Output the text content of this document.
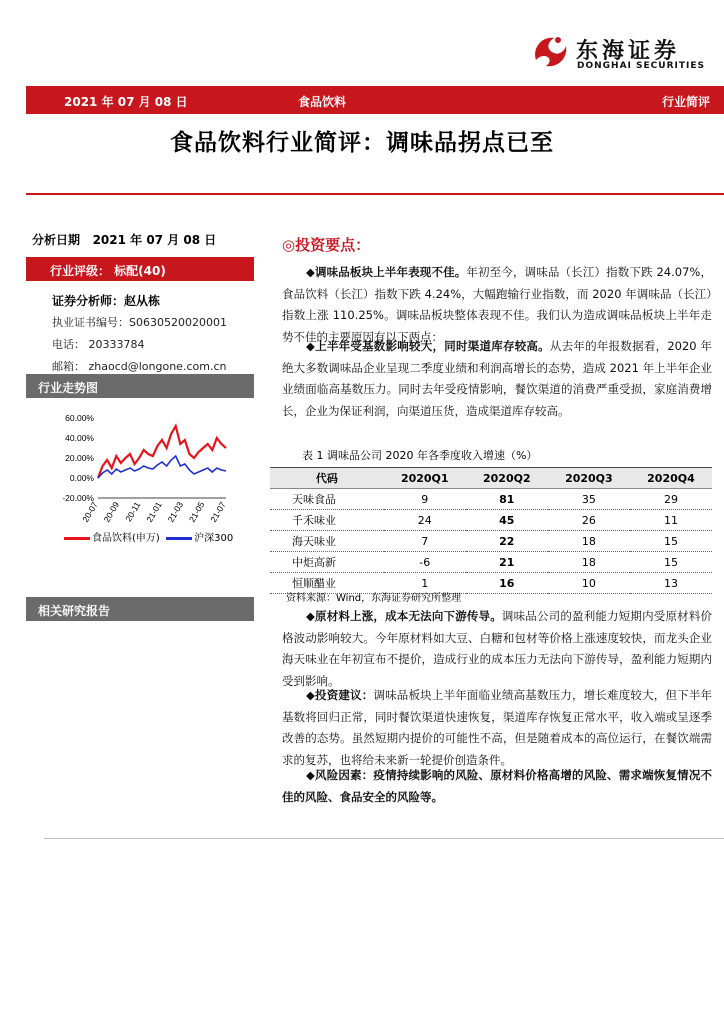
东海证券
DONGHAI SECURITIES
2021 年 07 月 08 日	食品饮料	行业简评
食品饮料行业简评：调味品拐点已至
分析日期 2021 年 07 月 08 日
行业评级： 标配(40)
证券分析师：赵从栋
执业证书编号：S0630520020001
电话： 20333784
邮箱： zhaocd@longone.com.cn
行业走势图
60.00%
40.00%
20.00%
0.00%
-20.00%
20-07 20-09 20-11 21-01 21-03 21-05 21-07
食品饮料(申万)	沪深300
相关研究报告
◎投资要点：
◆调味品板块上半年表现不佳。年初至今，调味品（长江）指数下跌 24.07%，食品饮料（长江）指数下跌 4.24%，大幅跑输行业指数，而 2020 年调味品（长江）指数上涨 110.25%。调味品板块整体表现不佳。我们认为造成调味品板块上半年走势不佳的主要原因有以下两点：
◆上半年受基数影响较大，同时渠道库存较高。从去年的年报数据看，2020 年绝大多数调味品企业呈现二季度业绩和利润高增长的态势，造成 2021 年上半年企业业绩面临高基数压力。同时去年受疫情影响，餐饮渠道的消费严重受损，家庭消费增长，企业为保证利润，向渠道压货，造成渠道库存较高。
表 1 调味品公司 2020 年各季度收入增速（%）
代码	2020Q1	2020Q2	2020Q3	2020Q4
天味食品	9	81	35	29
千禾味业	24	45	26	11
海天味业	7	22	18	15
中炬高新	-6	21	18	15
恒顺醋业	1	16	10	13
资料来源：Wind，东海证券研究所整理
◆原材料上涨，成本无法向下游传导。调味品公司的盈利能力短期内受原材料价格波动影响较大。今年原材料如大豆、白糖和包材等价格上涨速度较快，而龙头企业海天味业在年初宣布不提价，造成行业的成本压力无法向下游传导，盈利能力短期内受到影响。
◆投资建议：调味品板块上半年面临业绩高基数压力，增长难度较大，但下半年基数将回归正常，同时餐饮渠道快速恢复，渠道库存恢复正常水平，收入端或呈逐季改善的态势。虽然短期内提价的可能性不高，但是随着成本的高位运行，在餐饮端需求的复苏，也将给未来新一轮提价创造条件。
◆风险因素：疫情持续影响的风险、原材料价格高增的风险、需求端恢复情况不佳的风险、食品安全的风险等。
